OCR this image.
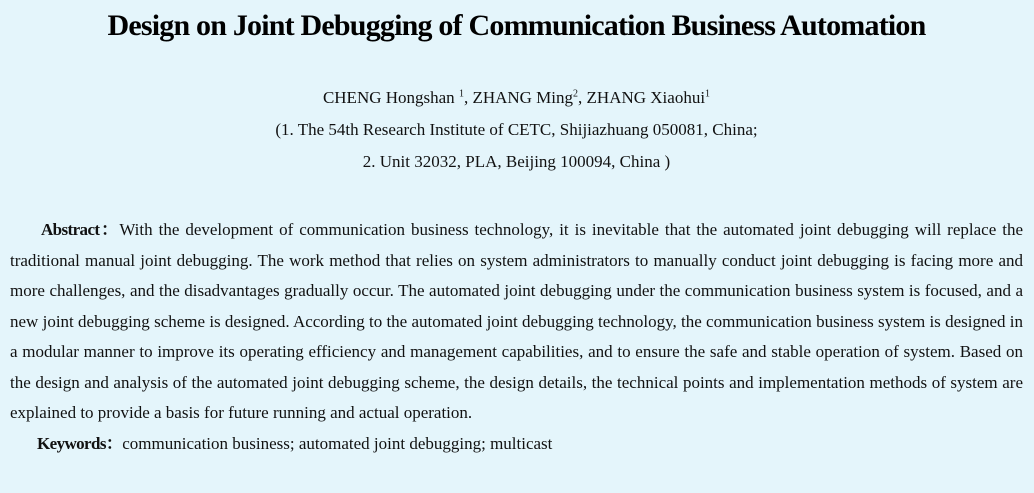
Design on Joint Debugging of Communication Business Automation
CHENG Hongshan $^1$, ZHANG Ming$^2$, ZHANG Xiaohui$^1$
(1. The 54th Research Institute of CETC, Shijiazhuang 050081, China;
2. Unit 32032, PLA, Beijing 100094, China )
Abstract：With the development of communication business technology, it is inevitable that the automated joint debugging will replace the traditional manual joint debugging. The work method that relies on system administrators to manually conduct joint debugging is facing more and more challenges, and the disadvantages gradually occur. The automated joint debugging under the communication business system is focused, and a new joint debugging scheme is designed. According to the automated joint debugging technology, the communication business system is designed in a modular manner to improve its operating efficiency and management capabilities, and to ensure the safe and stable operation of system. Based on the design and analysis of the automated joint debugging scheme, the design details, the technical points and implementation methods of system are explained to provide a basis for future running and actual operation.
Keywords：communication business; automated joint debugging; multicast
